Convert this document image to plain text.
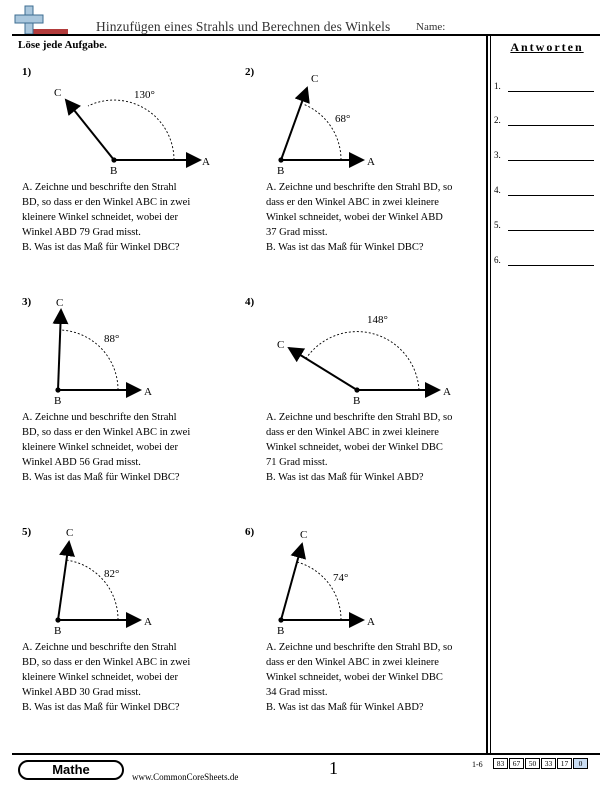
Hinzufügen eines Strahls und Berechnen des Winkels Name:
Löse jede Aufgabe.	Antworten
1.
2.
3.
4.
5.
6.
1)
A
B
C	130°

A. Zeichne und beschrifte den Strahl

BD, so dass er den Winkel ABC in zwei

kleinere Winkel schneidet, wobei der

Winkel ABD 79 Grad misst.

B. Was ist das Maß für Winkel DBC?

2)
A
B
C
68°

A. Zeichne und beschrifte den Strahl BD, so

dass er den Winkel ABC in zwei kleinere

Winkel schneidet, wobei der Winkel ABD

37 Grad misst.

B. Was ist das Maß für Winkel DBC?

3)
A
B
C
88°

A. Zeichne und beschrifte den Strahl

BD, so dass er den Winkel ABC in zwei

kleinere Winkel schneidet, wobei der

Winkel ABD 56 Grad misst.

B. Was ist das Maß für Winkel DBC?

4)
A
B
C
148°

A. Zeichne und beschrifte den Strahl BD, so

dass er den Winkel ABC in zwei kleinere

Winkel schneidet, wobei der Winkel DBC

71 Grad misst.

B. Was ist das Maß für Winkel ABD?

5)
A
B
C
82°

A. Zeichne und beschrifte den Strahl

BD, so dass er den Winkel ABC in zwei

kleinere Winkel schneidet, wobei der

Winkel ABD 30 Grad misst.

B. Was ist das Maß für Winkel DBC?

6)
A
B
C
74°

A. Zeichne und beschrifte den Strahl BD, so

dass er den Winkel ABC in zwei kleinere

Winkel schneidet, wobei der Winkel DBC

34 Grad misst.

B. Was ist das Maß für Winkel ABD?

Mathe	www.CommonCoreSheets.de	1	1-6	83	67	50	33	17	0
